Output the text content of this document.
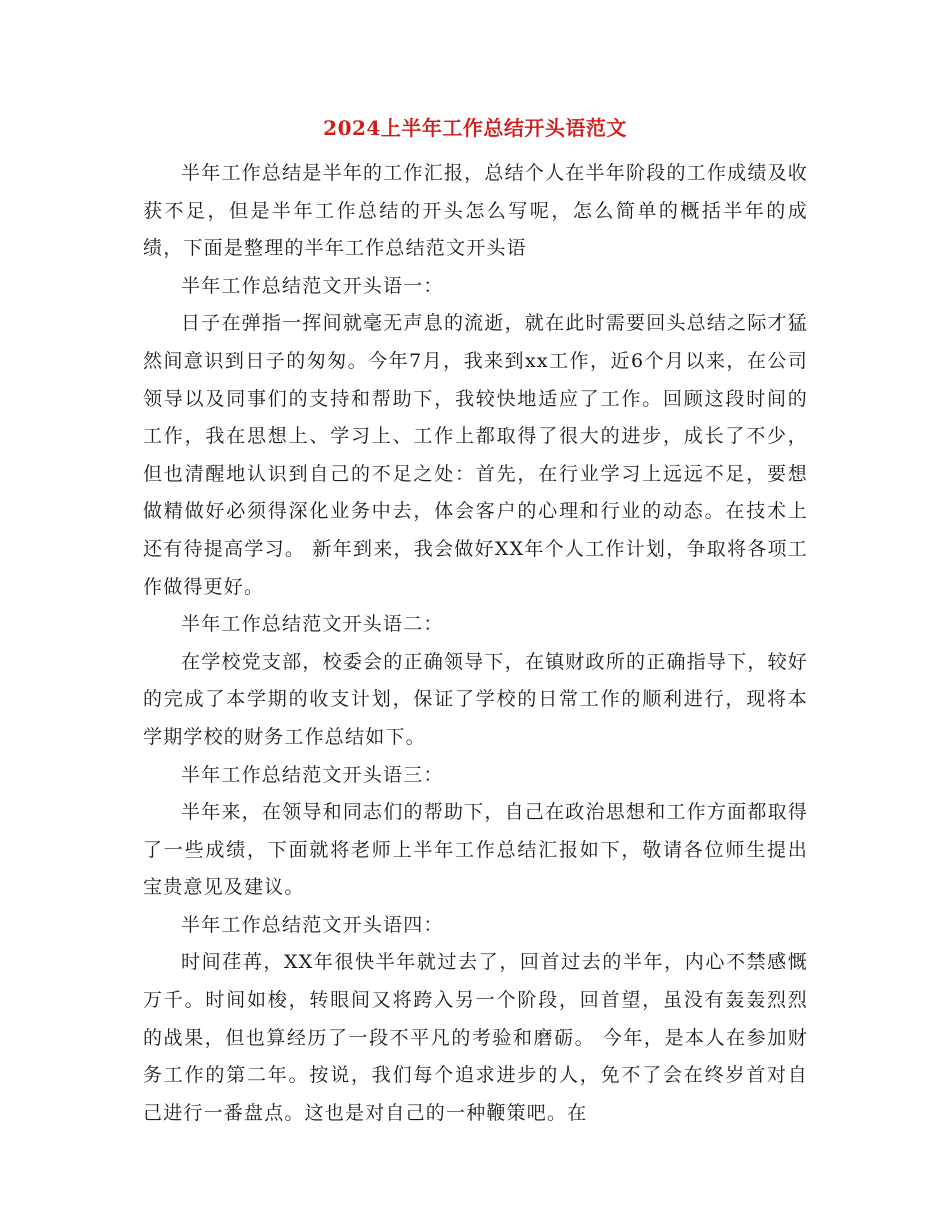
2024上半年工作总结开头语范文

半年工作总结是半年的工作汇报，总结个人在半年阶段的工作成绩及收获不足，但是半年工作总结的开头怎么写呢，怎么简单的概括半年的成绩，下面是整理的半年工作总结范文开头语

半年工作总结范文开头语一：

日子在弹指一挥间就毫无声息的流逝，就在此时需要回头总结之际才猛然间意识到日子的匆匆。今年7月，我来到xx工作，近6个月以来，在公司领导以及同事们的支持和帮助下，我较快地适应了工作。回顾这段时间的工作，我在思想上、学习上、工作上都取得了很大的进步，成长了不少，但也清醒地认识到自己的不足之处：首先，在行业学习上远远不足，要想做精做好必须得深化业务中去，体会客户的心理和行业的动态。在技术上还有待提高学习。 新年到来，我会做好XX年个人工作计划，争取将各项工作做得更好。

半年工作总结范文开头语二：

在学校党支部，校委会的正确领导下，在镇财政所的正确指导下，较好的完成了本学期的收支计划，保证了学校的日常工作的顺利进行，现将本学期学校的财务工作总结如下。

半年工作总结范文开头语三：

半年来，在领导和同志们的帮助下，自己在政治思想和工作方面都取得了一些成绩，下面就将老师上半年工作总结汇报如下，敬请各位师生提出宝贵意见及建议。

半年工作总结范文开头语四：

时间荏苒，XX年很快半年就过去了，回首过去的半年，内心不禁感慨万千。时间如梭，转眼间又将跨入另一个阶段，回首望，虽没有轰轰烈烈的战果，但也算经历了一段不平凡的考验和磨砺。 今年，是本人在参加财务工作的第二年。按说，我们每个追求进步的人，免不了会在终岁首对自己进行一番盘点。这也是对自己的一种鞭策吧。在
